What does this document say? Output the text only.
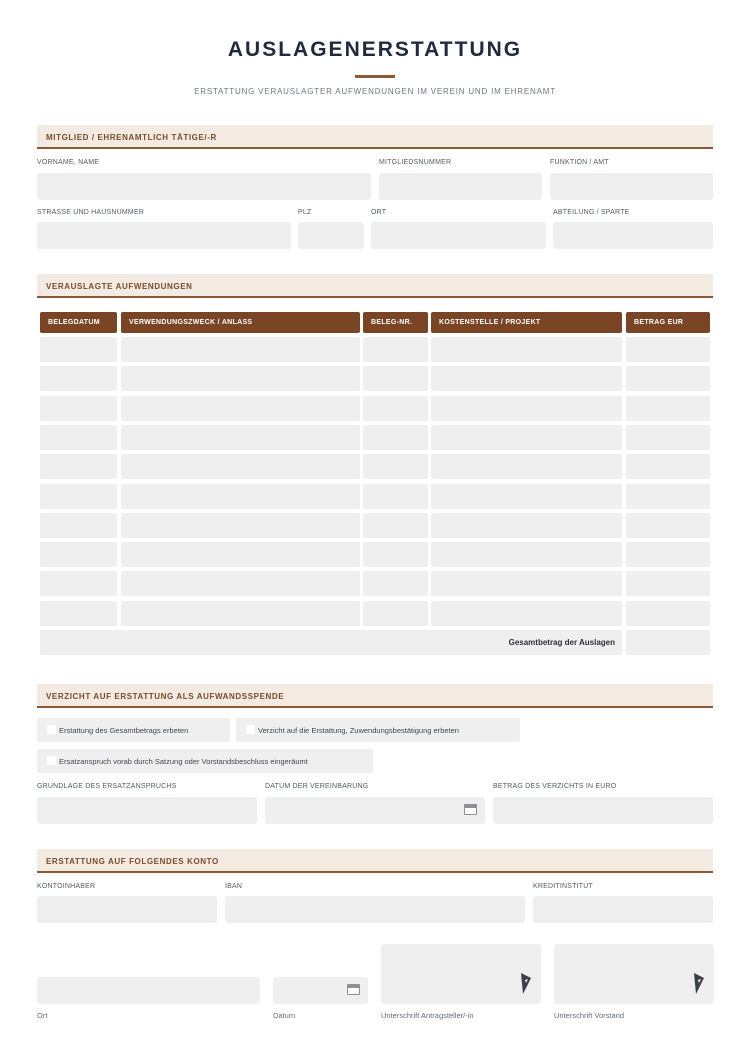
AUSLAGENERSTATTUNG
ERSTATTUNG VERAUSLAGTER AUFWENDUNGEN IM VEREIN UND IM EHRENAMT
MITGLIED / EHRENAMTLICH TÄTIGE/-R
VORNAME, NAME	MITGLIEDSNUMMER	FUNKTION / AMT
STRASSE UND HAUSNUMMER	PLZ	ORT	ABTEILUNG / SPARTE
VERAUSLAGTE AUFWENDUNGEN
BELEGDATUM	VERWENDUNGSZWECK / ANLASS	BELEG-NR.	KOSTENSTELLE / PROJEKT	BETRAG EUR
Gesamtbetrag der Auslagen
VERZICHT AUF ERSTATTUNG ALS AUFWANDSSPENDE
Erstattung des Gesamtbetrags erbeten	Verzicht auf die Erstattung, Zuwendungsbestätigung erbeten
Ersatzanspruch vorab durch Satzung oder Vorstandsbeschluss eingeräumt
GRUNDLAGE DES ERSATZANSPRUCHS	DATUM DER VEREINBARUNG	BETRAG DES VERZICHTS IN EURO
ERSTATTUNG AUF FOLGENDES KONTO
KONTOINHABER	IBAN	KREDITINSTITUT
Ort	Datum	Unterschrift Antragsteller/-in	Unterschrift Vorstand
